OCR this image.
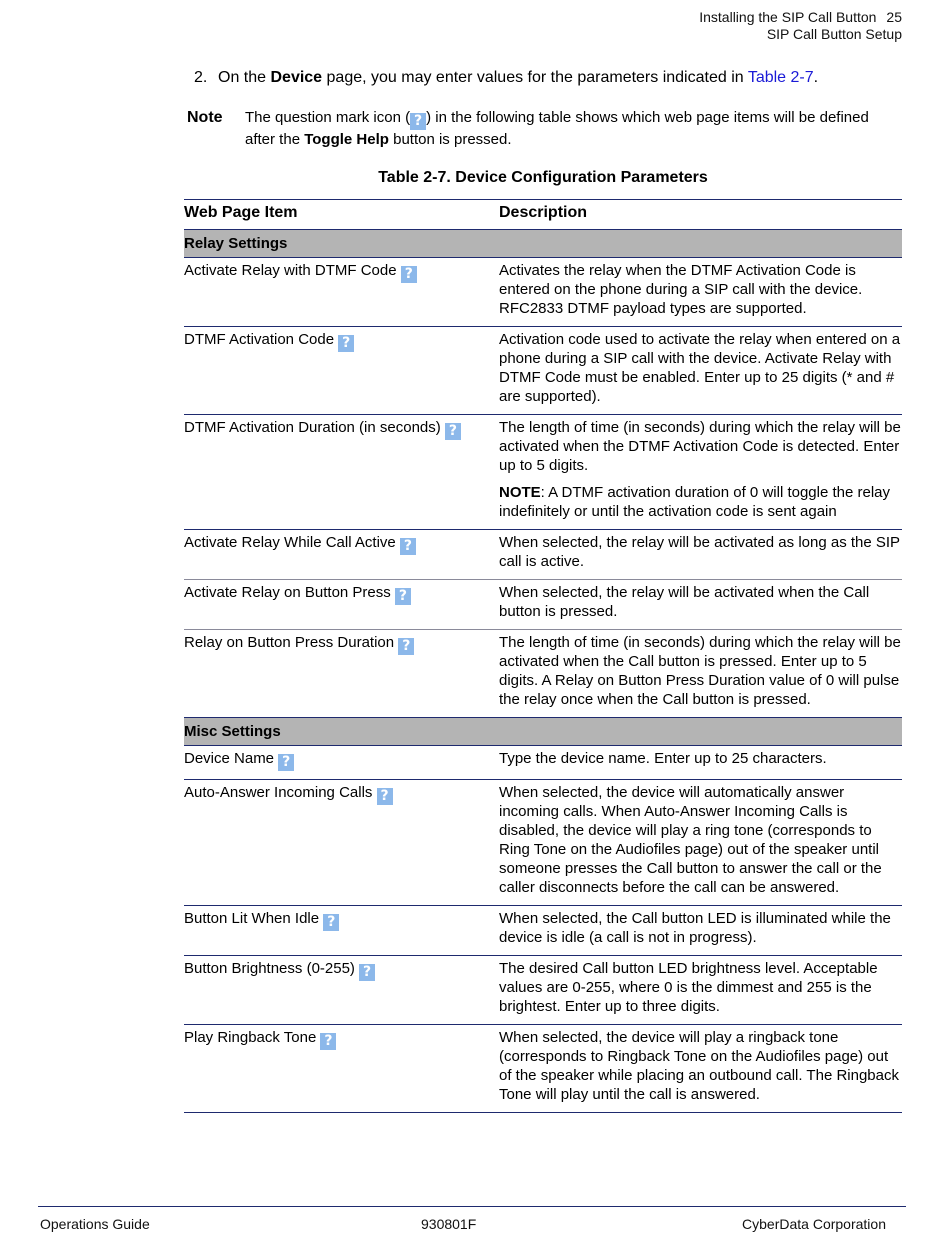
Installing the SIP Call Button 25
SIP Call Button Setup
2. On the Device page, you may enter values for the parameters indicated in Table 2-7.
Note The question mark icon ( ? ) in the following table shows which web page items will be defined after the Toggle Help button is pressed.
Table 2-7. Device Configuration Parameters
Web Page Item	Description
Relay Settings	
Activate Relay with DTMF Code ?	Activates the relay when the DTMF Activation Code is entered on the phone during a SIP call with the device. RFC2833 DTMF payload types are supported.

DTMF Activation Code ?	Activation code used to activate the relay when entered on a phone during a SIP call with the device. Activate Relay with DTMF Code must be enabled. Enter up to 25 digits (* and # are supported).

DTMF Activation Duration (in seconds) ?	The length of time (in seconds) during which the relay will be activated when the DTMF Activation Code is detected. Enter up to 5 digits.
NOTE: A DTMF activation duration of 0 will toggle the relay indefinitely or until the activation code is sent again

Activate Relay While Call Active ?	When selected, the relay will be activated as long as the SIP call is active.

Activate Relay on Button Press ?	When selected, the relay will be activated when the Call button is pressed.

Relay on Button Press Duration ?	The length of time (in seconds) during which the relay will be activated when the Call button is pressed. Enter up to 5 digits. A Relay on Button Press Duration value of 0 will pulse the relay once when the Call button is pressed.

Misc Settings	
Device Name ?	Type the device name. Enter up to 25 characters.

Auto-Answer Incoming Calls ?	When selected, the device will automatically answer incoming calls. When Auto-Answer Incoming Calls is disabled, the device will play a ring tone (corresponds to Ring Tone on the Audiofiles page) out of the speaker until someone presses the Call button to answer the call or the caller disconnects before the call can be answered.

Button Lit When Idle ?	When selected, the Call button LED is illuminated while the device is idle (a call is not in progress).

Button Brightness (0-255) ?	The desired Call button LED brightness level. Acceptable values are 0-255, where 0 is the dimmest and 255 is the brightest. Enter up to three digits.

Play Ringback Tone ?	When selected, the device will play a ringback tone (corresponds to Ringback Tone on the Audiofiles page) out of the speaker while placing an outbound call. The Ringback Tone will play until the call is answered.
Operations Guide	930801F	CyberData Corporation
